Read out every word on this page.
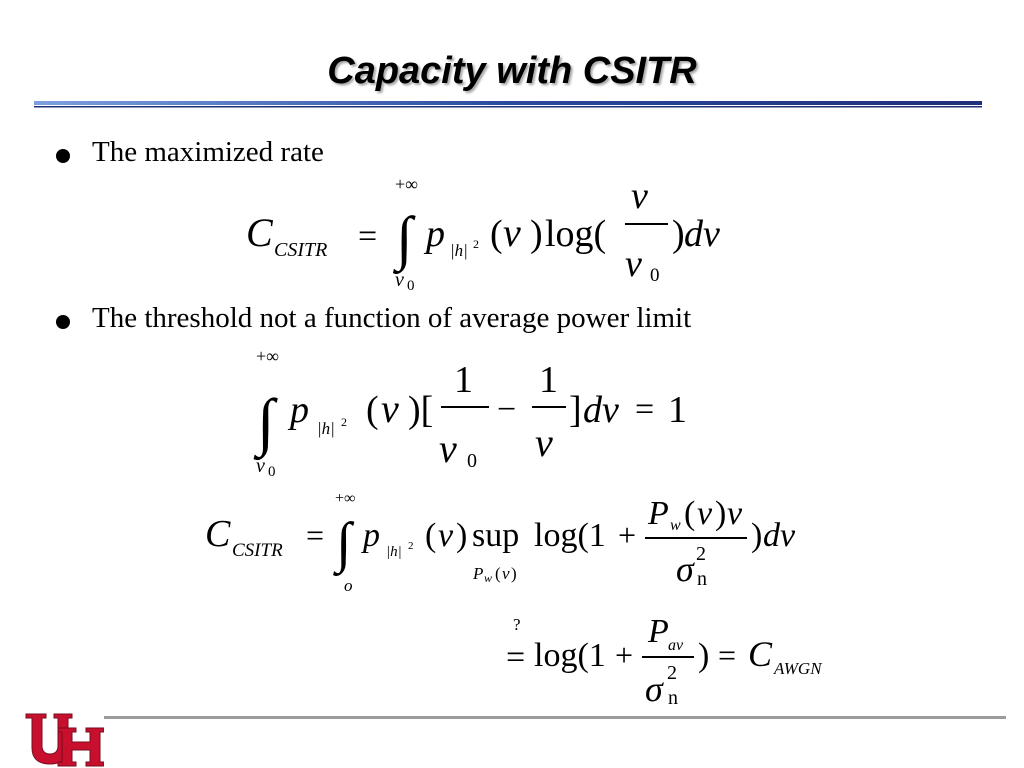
Capacity with CSITR
The maximized rate
C CSITR =
+∞
∫
ν 0
p |h| 2 ( ν ) log(
ν
ν 0
) dν
The threshold not a function of average power limit
+∞
∫
ν 0
p |h| 2 ( ν )[
1
ν 0
−
1
ν
] dν = 1
C CSITR =
+∞
∫
o
p |h| 2 ( v ) sup
P w ( v )
log(1 +
P w ( v ) v
σ 2
n
) dv
?
= log(1 +
P av
σ 2
n
) = C AWGN
